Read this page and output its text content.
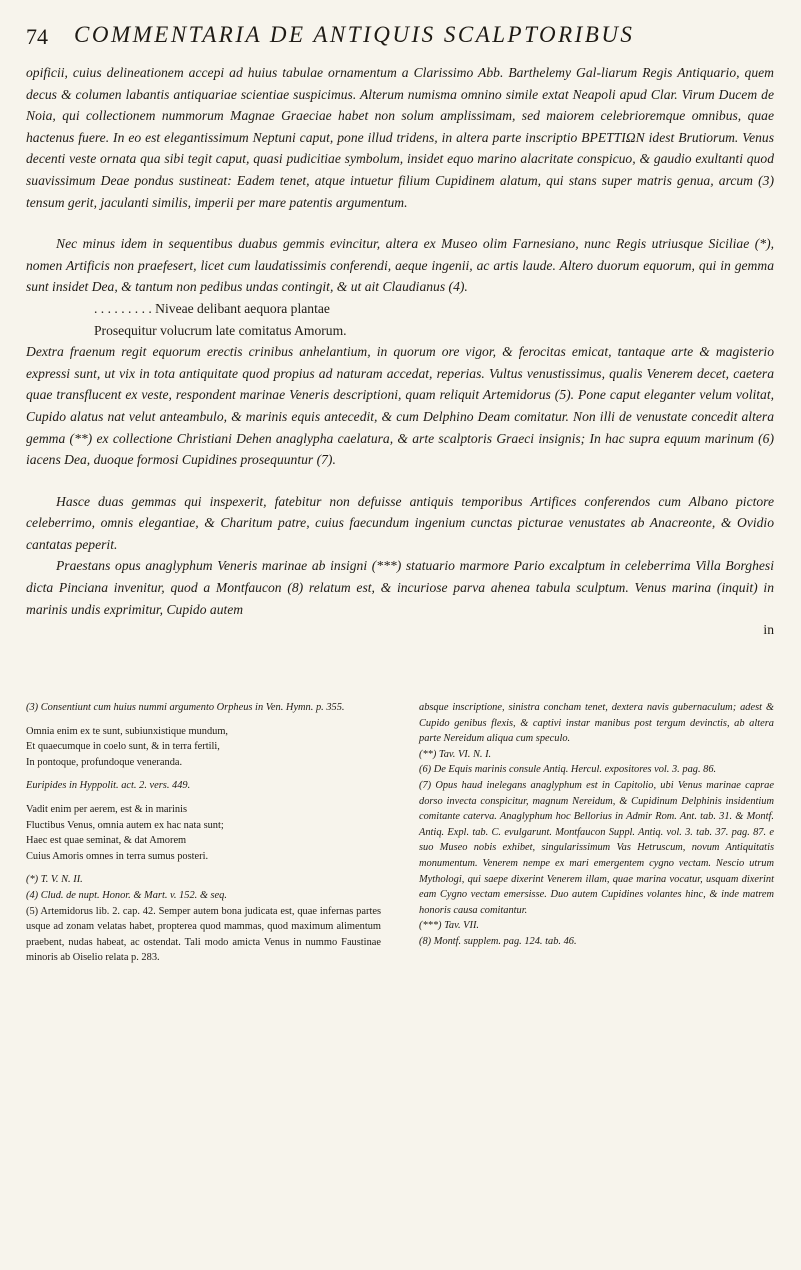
74 COMMENTARIA DE ANTIQUIS SCALPTORIBUS

opificii, cuius delineationem accepi ad huius tabulae ornamentum a Clarissimo Abb. Barthelemy Gal-liarum Regis Antiquario, quem decus & columen labantis antiquariae scientiae suspicimus. Alterum numisma omnino simile extat Neapoli apud Clar. Virum Ducem de Noia, qui collectionem nummorum Magnae Graeciae habet non solum amplissimam, sed maiorem celebrioremque omnibus, quae hactenus fuere. In eo est elegantissimum Neptuni caput, pone illud tridens, in altera parte inscriptio ΒΡΕΤΤΙΩΝ idest Brutiorum. Venus decenti veste ornata qua sibi tegit caput, quasi pudicitiae symbolum, insidet equo marino alacritate conspicuo, & gaudio exultanti quod suavissimum Deae pondus sustineat: Eadem tenet, atque intuetur filium Cupidinem alatum, qui stans super matris genua, arcum (3) tensum gerit, jaculanti similis, imperii per mare patentis argumentum.

Nec minus idem in sequentibus duabus gemmis evincitur, altera ex Museo olim Farnesiano, nunc Regis utriusque Siciliae (*), nomen Artificis non praefesert, licet cum laudatissimis conferendi, aeque ingenii, ac artis laude. Altero duorum equorum, qui in gemma sunt insidet Dea, & tantum non pedibus undas contingit, & ut ait Claudianus (4).

. . . . . . . . . Niveae delibant aequora plantae

Prosequitur volucrum late comitatus Amorum.

Dextra fraenum regit equorum erectis crinibus anhelantium, in quorum ore vigor, & ferocitas emicat, tantaque arte & magisterio expressi sunt, ut vix in tota antiquitate quod propius ad naturam accedat, reperias. Vultus venustissimus, qualis Venerem decet, caetera quae transflucent ex veste, respondent marinae Veneris descriptioni, quam reliquit Artemidorus (5). Pone caput eleganter velum volitat, Cupido alatus nat velut anteambulo, & marinis equis antecedit, & cum Delphino Deam comitatur. Non illi de venustate concedit altera gemma (**) ex collectione Christiani Dehen anaglypha caelatura, & arte scalptoris Graeci insignis; In hac supra equum marinum (6) iacens Dea, duoque formosi Cupidines prosequuntur (7).

Hasce duas gemmas qui inspexerit, fatebitur non defuisse antiquis temporibus Artifices conferendos cum Albano pictore celeberrimo, omnis elegantiae, & Charitum patre, cuius faecundum ingenium cunctas picturae venustates ab Anacreonte, & Ovidio cantatas peperit.

Praestans opus anaglyphum Veneris marinae ab insigni (***) statuario marmore Pario excalptum in celeberrima Villa Borghesi dicta Pinciana invenitur, quod a Montfaucon (8) relatum est, & incuriose parva ahenea tabula sculptum. Venus marina (inquit) in marinis undis exprimitur, Cupido autem

in

(3) Consentiunt cum huius nummi argumento Orpheus in Ven. Hymn. p. 355.

Omnia enim ex te sunt, subiunxistique mundum,

Et quaecumque in coelo sunt, & in terra fertili,

In pontoque, profundoque veneranda.

Euripides in Hyppolit. act. 2. vers. 449.

Vadit enim per aerem, est & in marinis

Fluctibus Venus, omnia autem ex hac nata sunt;

Haec est quae seminat, & dat Amorem

Cuius Amoris omnes in terra sumus posteri.

(*) T. V. N. II.

(4) Clud. de nupt. Honor. & Mart. v. 152. & seq.

(5) Artemidorus lib. 2. cap. 42. Semper autem bona judicata est, quae infernas partes usque ad zonam velatas habet, propterea quod mammas, quod maximum alimentum praebent, nudas habeat, ac ostendat. Tali modo amicta Venus in nummo Faustinae minoris ab Oiselio relata p. 283.

absque inscriptione, sinistra concham tenet, dextera navis gubernaculum; adest & Cupido genibus flexis, & captivi instar manibus post tergum devinctis, ab altera parte Nereidum aliqua cum speculo.

(**) Tav. VI. N. I.

(6) De Equis marinis consule Antiq. Hercul. expositores vol. 3. pag. 86.

(7) Opus haud inelegans anaglyphum est in Capitolio, ubi Venus marinae caprae dorso invecta conspicitur, magnum Nereidum, & Cupidinum Delphinis insidentium comitante caterva. Anaglyphum hoc Bellorius in Admir Rom. Ant. tab. 31. & Montf. Antiq. Expl. tab. C. evulgarunt. Montfaucon Suppl. Antiq. vol. 3. tab. 37. pag. 87. e suo Museo nobis exhibet, singularissimum Vas Hetruscum, novum Antiquitatis monumentum. Venerem nempe ex mari emergentem cygno vectam. Nescio utrum Mythologi, qui saepe dixerint Venerem illam, quae marina vocatur, usquam dixerint eam Cygno vectam emersisse. Duo autem Cupidines volantes hinc, & inde matrem honoris causa comitantur.

(***) Tav. VII.

(8) Montf. supplem. pag. 124. tab. 46.
